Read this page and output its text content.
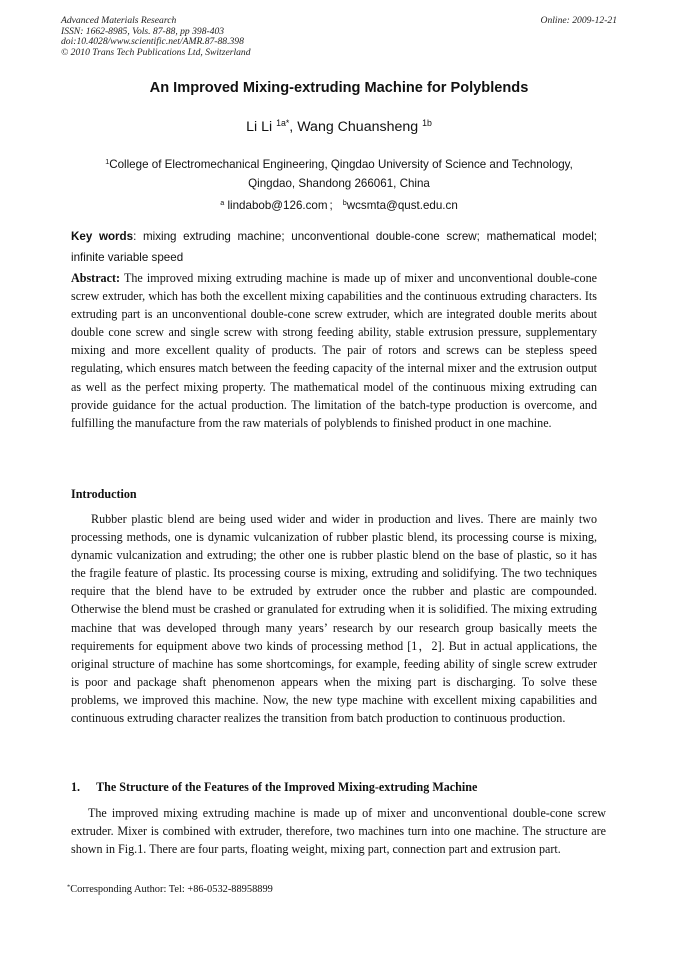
Advanced Materials Research
ISSN: 1662-8985, Vols. 87-88, pp 398-403
doi:10.4028/www.scientific.net/AMR.87-88.398
© 2010 Trans Tech Publications Ltd, Switzerland
Online: 2009-12-21
An Improved Mixing-extruding Machine for Polyblends
Li Li $^{1a*}$, Wang Chuansheng $^{1b}$
$^1$College of Electromechanical Engineering, Qingdao University of Science and Technology,
Qingdao, Shandong 266061, China
$^a$ lindabob@126.com ; $^b$wcsmta@qust.edu.cn
Key words: mixing extruding machine; unconventional double-cone screw; mathematical model; infinite variable speed
Abstract: The improved mixing extruding machine is made up of mixer and unconventional double-cone screw extruder, which has both the excellent mixing capabilities and the continuous extruding characters. Its extruding part is an unconventional double-cone screw extruder, which are integrated double merits about double cone screw and single screw with strong feeding ability, stable extrusion pressure, supplementary mixing and more excellent quality of products. The pair of rotors and screws can be stepless speed regulating, which ensures match between the feeding capacity of the internal mixer and the extrusion output as well as the perfect mixing property. The mathematical model of the continuous mixing extruding can provide guidance for the actual production. The limitation of the batch-type production is overcome, and fulfilling the manufacture from the raw materials of polyblends to finished product in one machine.
Introduction
Rubber plastic blend are being used wider and wider in production and lives. There are mainly two processing methods, one is dynamic vulcanization of rubber plastic blend, its processing course is mixing, dynamic vulcanization and extruding; the other one is rubber plastic blend on the base of plastic, so it has the fragile feature of plastic. Its processing course is mixing, extruding and solidifying. The two techniques require that the blend have to be extruded by extruder once the rubber and plastic are compounded. Otherwise the blend must be crashed or granulated for extruding when it is solidified. The mixing extruding machine that was developed through many years’ research by our research group basically meets the requirements for equipment above two kinds of processing method [1，2]. But in actual applications, the original structure of machine has some shortcomings, for example, feeding ability of single screw extruder is poor and package shaft phenomenon appears when the mixing part is discharging. To solve these problems, we improved this machine. Now, the new type machine with excellent mixing capabilities and continuous extruding character realizes the transition from batch production to continuous production.
1. The Structure of the Features of the Improved Mixing-extruding Machine
The improved mixing extruding machine is made up of mixer and unconventional double-cone screw extruder. Mixer is combined with extruder, therefore, two machines turn into one machine. The structure are shown in Fig.1. There are four parts, floating weight, mixing part, connection part and extrusion part.
*Corresponding Author: Tel: +86-0532-88958899
